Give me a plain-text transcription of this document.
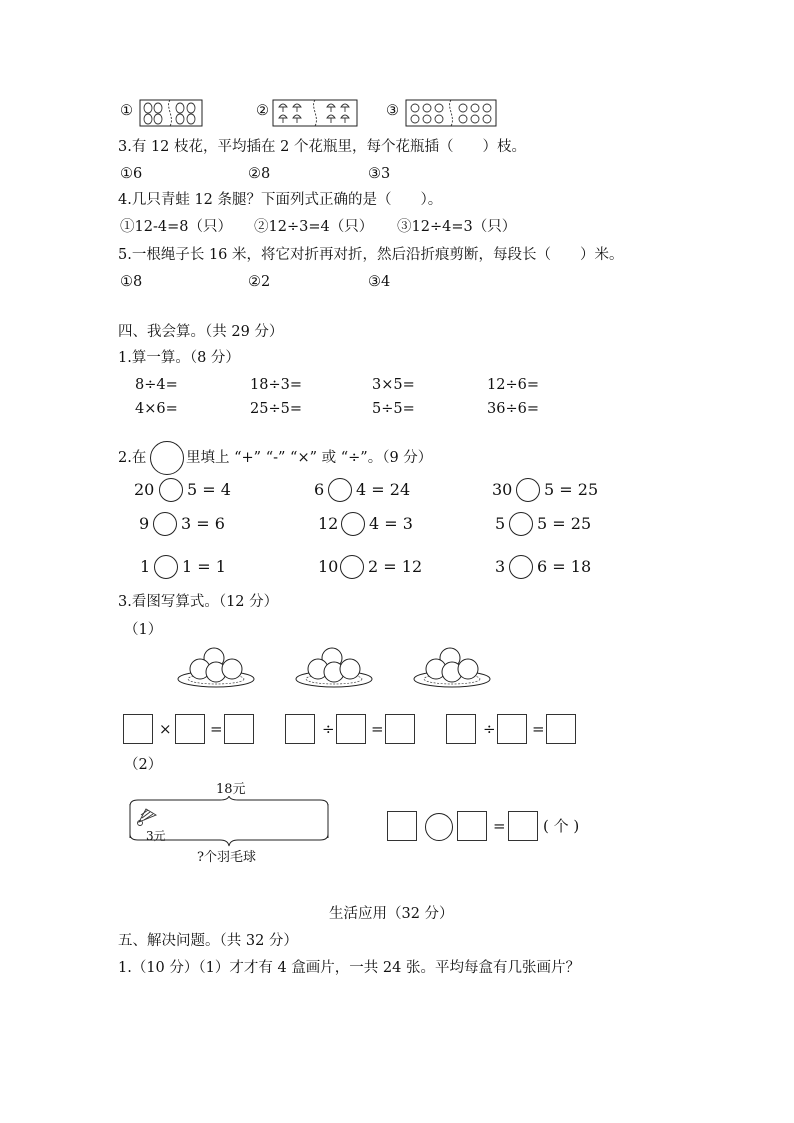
①	②	③
3.有 12 枝花，平均插在 2 个花瓶里，每个花瓶插（　　）枝。
①6	②8	③3
4.几只青蛙 12 条腿？下面列式正确的是（　　）。
①12-4=8（只） ②12÷3=4（只） ③12÷4=3（只）
5.一根绳子长 16 米，将它对折再对折，然后沿折痕剪断，每段长（　　）米。
①8	②2	③4
四、我会算。（共 29 分）
1.算一算。（8 分）
8÷4=	18÷3=	3×5=	12÷6=
4×6=	25÷5=	5÷5=	36÷6=
2.在	里填上 “+” “-” “×” 或 “÷”。（9 分）
20 5 = 4	6 4 = 24	30 5 = 25
9 3 = 6	12 4 = 3	5 5 = 25
1 1 = 1	10 2 = 12	3 6 = 18
3.看图写算式。（12 分）
（1）
×	=	÷ =	÷ =
（2）
18元
3元
?个羽毛球
= ( 个 )
生活应用（32 分）
五、解决问题。（共 32 分）
1.（10 分）（1）才才有 4 盒画片，一共 24 张。平均每盒有几张画片？
